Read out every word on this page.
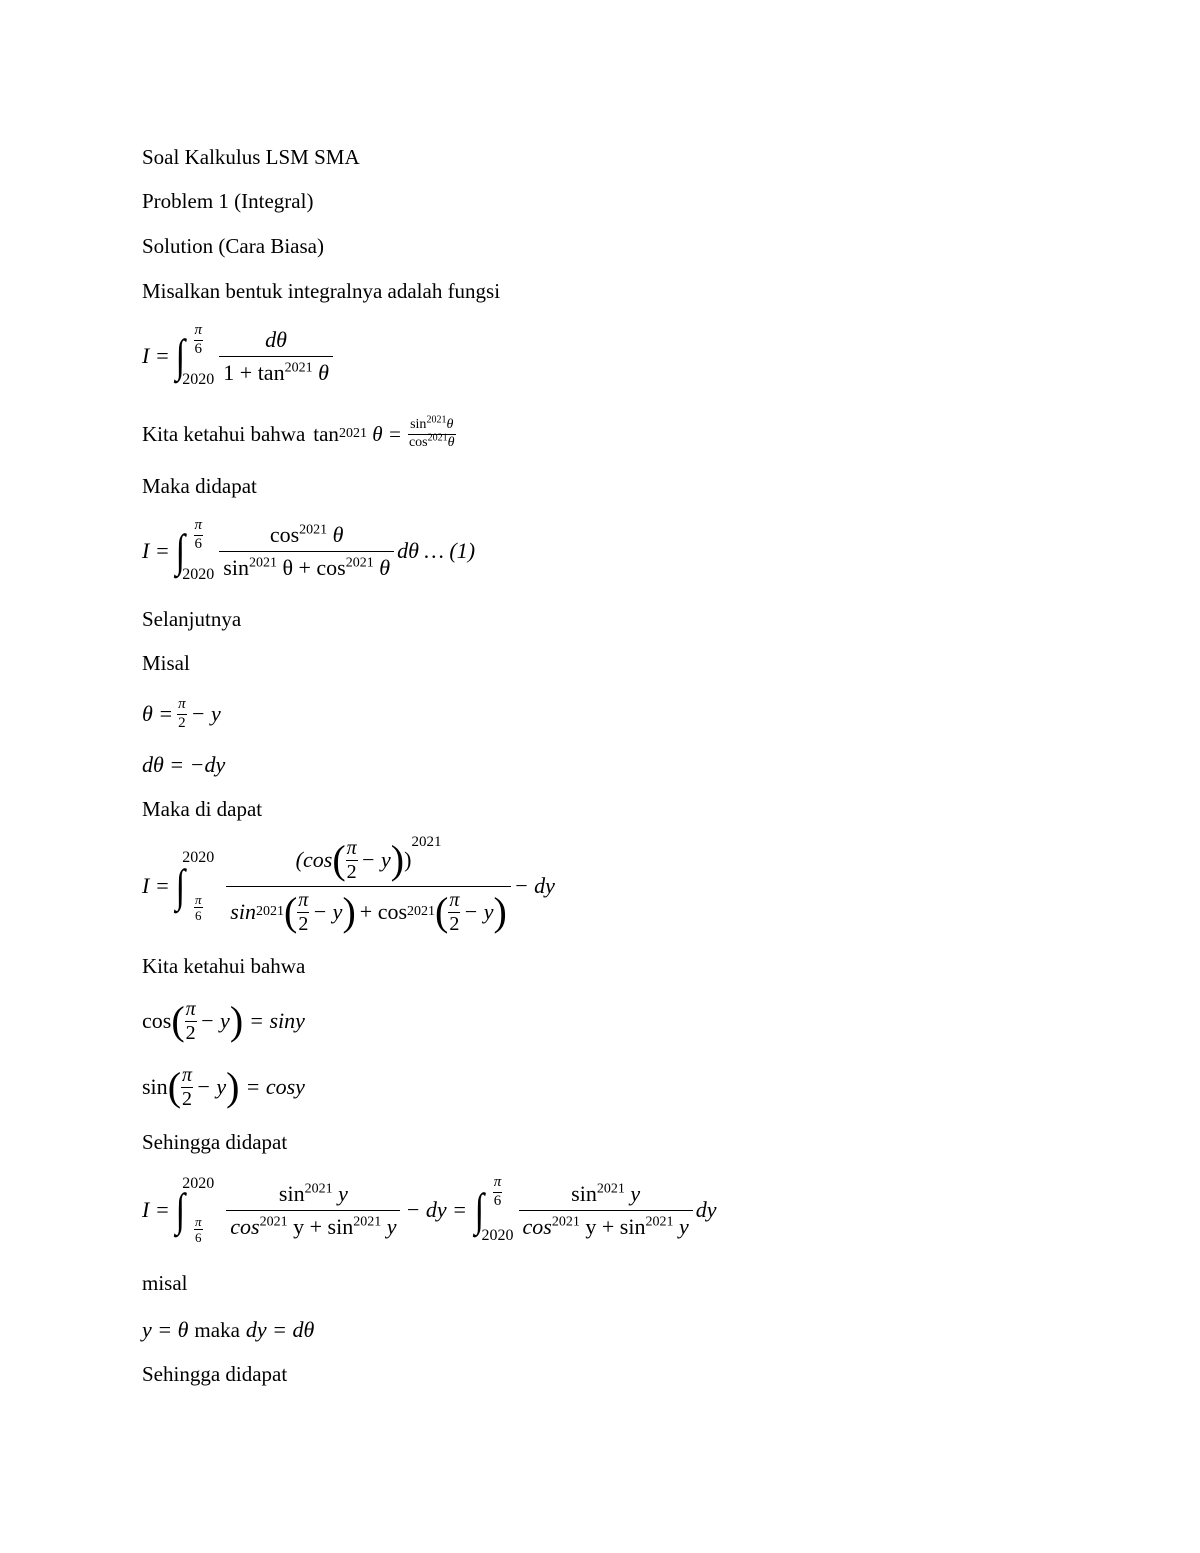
Soal Kalkulus LSM SMA
Problem 1 (Integral)
Solution (Cara Biasa)
Misalkan bentuk integralnya adalah fungsi
I = ∫ π
6
$2020 \frac{d\theta}{1 + \tan^{2021} \theta}$
Kita ketahui bahwa tan 2021
$\theta = \frac{\sin^{2021}\theta}{\cos^{2021}\theta}$
Maka didapat
I = ∫ π
6
$2020 \frac{\cos^{2021} \theta}{\sin^{2021} \theta + \cos^{2021} \theta}$ dθ … (1)
Selanjutnya
Misal
$\theta = \frac{\pi}{2} - y$
dθ = −dy
Maka di dapat
I = ∫
2020
π
6
(cos ( π
2 − y ) )
$^{2021}$
sin 2021 ( π
2 − y ) + cos 2021 ( π
2 − y )
− dy
Kita ketahui bahwa
cos ( π
2 − y ) = siny
sin ( π
2 − y ) = cosy
Sehingga didapat
I = ∫
2020
π
$6 \frac{\sin^{2021} y}{\cos^{2021} y + \sin^{2021} y}$ − dy = ∫
π
6
$2020 \frac{\sin^{2021} y}{\cos^{2021} y + \sin^{2021} y}$ dy
misal
y = θ maka dy = dθ
Sehingga didapat
